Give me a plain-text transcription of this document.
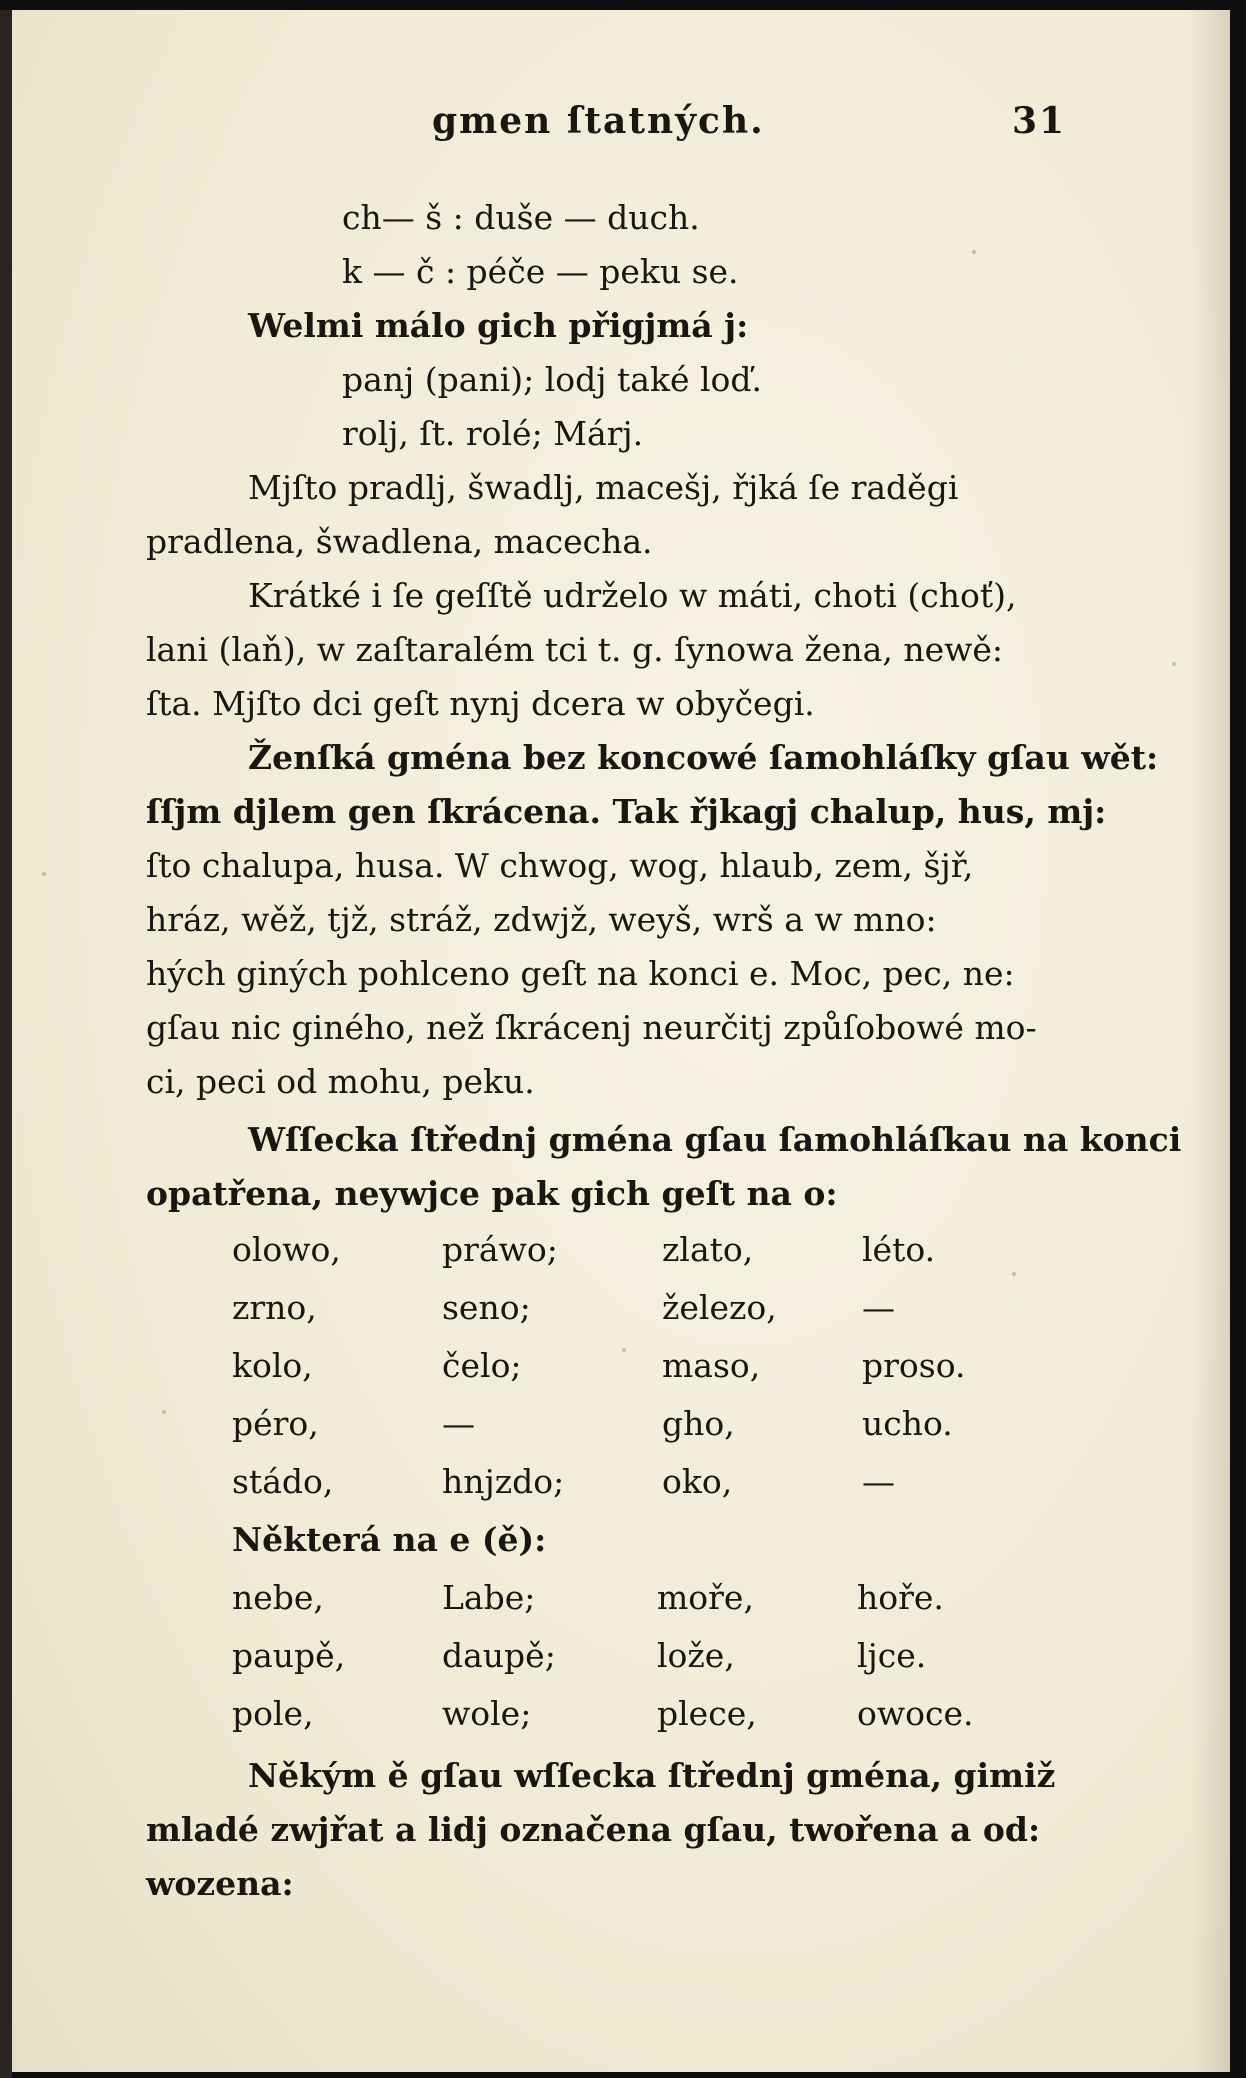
gmen ſtatných.	31
ch— š : duše — duch.
k — č : péče — peku se.
Welmi málo gich přigjmá j:
panj (pani); lodj také loď.
rolj, ſt. rolé; Márj.
Mjſto pradlj, šwadlj, macešj, řjká ſe raděgi
pradlena, šwadlena, macecha.
Krátké i ſe geſſtě udrželo w máti, choti (choť),
lani (laň), w zaſtaralém tci t. g. ſynowa žena, newě:
ſta. Mjſto dci geſt nynj dcera w obyčegi.
Ženſká gména bez koncowé ſamohláſky gſau wět:
ſſjm djlem gen ſkrácena. Tak řjkagj chalup, hus, mj:
ſto chalupa, husa. W chwog, wog, hlaub, zem, šjř,
hráz, wěž, tjž, stráž, zdwjž, weyš, wrš a w mno:
hých giných pohlceno geſt na konci e. Moc, pec, ne:
gſau nic giného, než ſkrácenj neurčitj způſobowé mo-
ci, peci od mohu, peku.
Wſſecka ſtřednj gména gſau ſamohláſkau na konci
opatřena, neywjce pak gich geſt na o:
olowo,	práwo;	zlato,	léto.
zrno,	seno;	železo,	—
kolo,	čelo;	maso,	proso.
péro,	—	gho,	ucho.
stádo,	hnjzdo;	oko,	—
Některá na e (ě):
nebe,	Labe;	moře,	hoře.
paupě,	daupě;	lože,	ljce.
pole,	wole;	plece,	owoce.
Někým ě gſau wſſecka ſtřednj gména, gimiž
mladé zwjřat a lidj označena gſau, twořena a od:
wozena:
